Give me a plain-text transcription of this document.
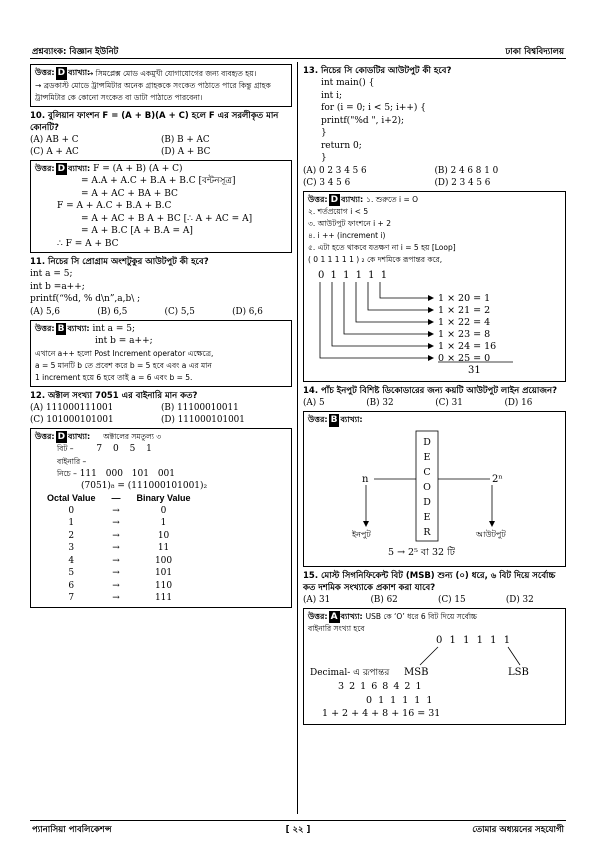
প্রশ্নব্যাংক: বিজ্ঞান ইউনিট	ঢাকা বিশ্ববিদ্যালয়
উত্তর: D ব্যাখ্যা:
→ সিমপ্লেক্স মোড একমুখী যোগাযোগের জন্য ব্যবহৃত হয়।
→ ব্রডকাস্ট মোডে ট্রান্সমিটার অনেক গ্রাহককে সংকেত পাঠাতে পারে কিন্তু গ্রাহক ট্রান্সমিটার কে কোনো সংকেত বা ডাটা পাঠাতে পারবেনা।
10. বুলিয়ান ফাংশন F = (A + B)(A + C) হলে F এর সরলীকৃত মান কোনটি?
(A) AB + C	(B) B + AC
(C) A + AC	(D) A + BC
উত্তর: D ব্যাখ্যা: F = (A + B) (A + C)
= A.A + A.C + B.A + B.C [বন্টনসূত্র]
= A + AC + BA + BC
F = A + A.C + B.A + B.C
= A + AC + B A + BC [∴ A + AC = A]
= A + B.C [A + B.A = A]
∴ F = A + BC
11. নিচের সি প্রোগ্রাম অংশটুকুর আউটপুট কী হবে?
int a = 5;
int b =a++;
printf(“%d, % d\n”,a,b\ ;
(A) 5,6	(B) 6,5	(C) 5,5	(D) 6,6
উত্তর: B ব্যাখ্যা: int a = 5;
int b = a++;
এখানে a++ হলো Post Increment operator এক্ষেত্রে,
a = 5 মানটি b তে প্রবেশ করে b = 5 হবে এবং a এর মান
1 increment হয়ে 6 হবে তাই a = 6 এবং b = 5.
12. অক্টাল সংখ্যা 7051 এর বাইনারি মান কত?
(A) 111000111001	(B) 11100010011
(C) 101000101001	(D) 111000101001
উত্তর: D ব্যাখ্যা: অক্টালের সমতুল্য ৩
বিট –	7 0 5 1
বাইনারি –
নিচে – 111 000 101 001
(7051)₈ = (111000101001)₂
Octal Value	—	Binary Value
0	→	0
1	→	1
2	→	10
3	→	11
4	→	100
5	→	101
6	→	110
7	→	111
13. নিচের সি কোডটির আউটপুট কী হবে?
int main() {
int i;
for (i = 0; i < 5; i++) {
printf("%d ", i+2);
}
return 0;
}
(A) 0 2 3 4 5 6	(B) 2 4 6 8 1 0
(C) 3 4 5 6	(D) 2 3 4 5 6
উত্তর: D ব্যাখ্যা: ১. শুরুতে i = O
২. শর্তপ্রয়োগ i < 5
৩. আউটপুট ফাংশনে i + 2
৪. i ++ (increment i)
৫. এটা হতে থাকবে যতক্ষণ না i = 5 হয় [Loop]
( 0 1 1 1 1 1 ) ₂ কে দশমিকে রূপান্তর করে,
0 1 1 1 1 1
1 × 20 = 1
1 × 21 = 2
1 × 22 = 4
1 × 23 = 8
1 × 24 = 16
0 × 25 = 0
31
14. পাঁচ ইনপুট বিশিষ্ট ডিকোডারের জন্য কয়টি আউটপুট লাইন প্রয়োজন?
(A) 5	(B) 32	(C) 31	(D) 16
উত্তর: B ব্যাখ্যা:
D
E
C
O
D
E
R
n	2ⁿ
ইনপুট	আউটপুট
5 → 2⁵ বা 32 টি
15. মোস্ট সিগনিফিকেন্ট বিট (MSB) শুন্য (০) ধরে, ৬ বিট দিয়ে সর্বোচ্চ কত দশমিক সংখ্যাকে প্রকাশ করা যাবে?
(A) 31	(B) 62	(C) 15	(D) 32
উত্তর: A ব্যাখ্যা: USB কে ‘O’ ধরে 6 বিট দিয়ে সর্বোচ্চ
বাইনারি সংখ্যা হবে
0 1 1 1 1 1
MSB	LSB
Decimal- এ রূপান্তর
3 2 1 6 8 4 2 1
0 1 1 1 1 1
1 + 2 + 4 + 8 + 16 = 31
প্যানাসিয়া পাবলিকেশন্স	[ ২২ ]	তোমার অধ্যয়নের সহযোগী
